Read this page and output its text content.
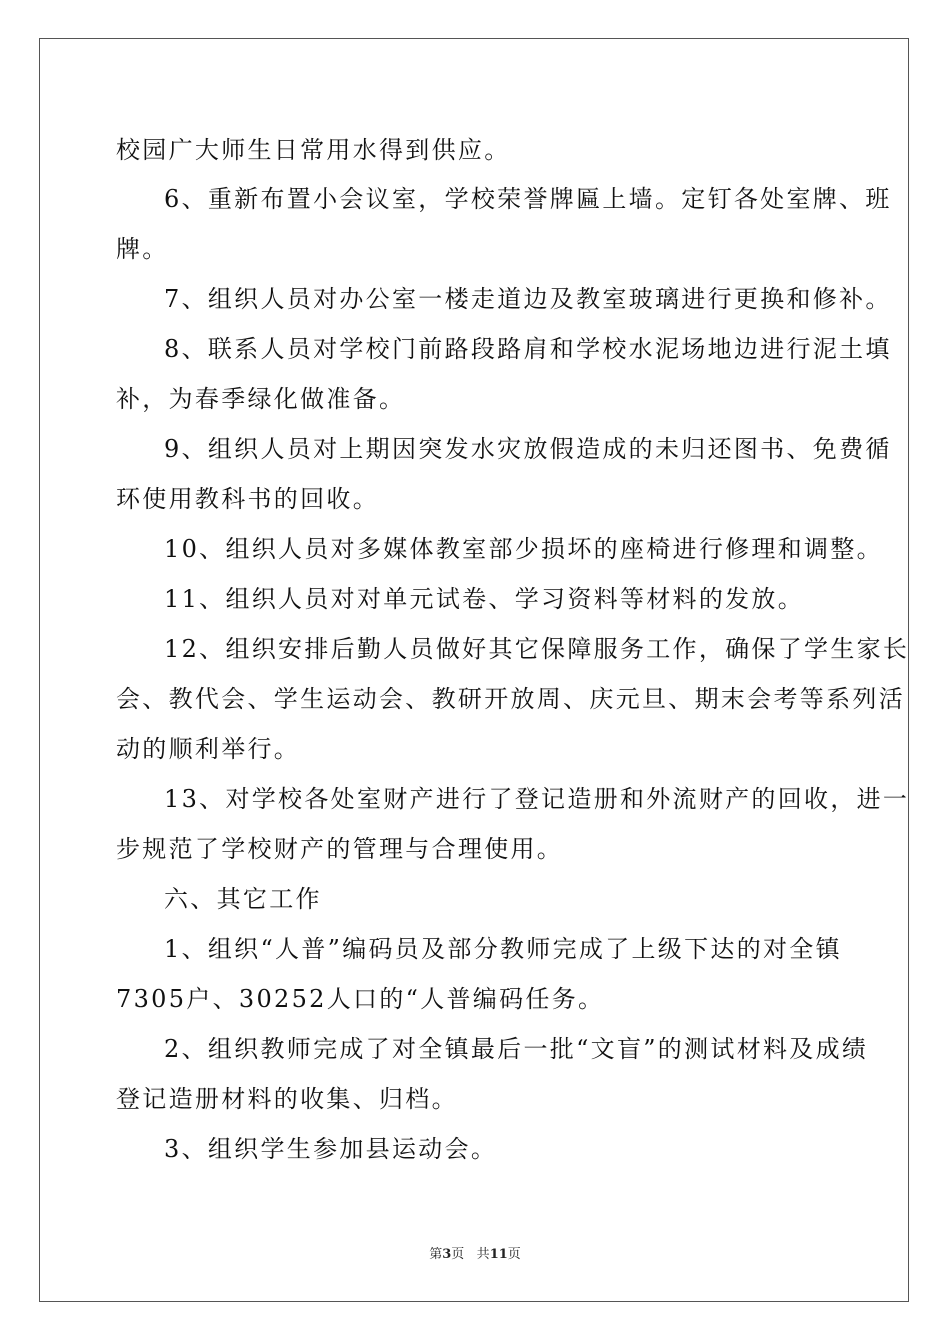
校园广大师生日常用水得到供应。
6、重新布置小会议室，学校荣誉牌匾上墙。定钉各处室牌、班
牌。
7、组织人员对办公室一楼走道边及教室玻璃进行更换和修补。
8、联系人员对学校门前路段路肩和学校水泥场地边进行泥土填
补，为春季绿化做准备。
9、组织人员对上期因突发水灾放假造成的未归还图书、免费循
环使用教科书的回收。
10、组织人员对多媒体教室部少损坏的座椅进行修理和调整。
11、组织人员对对单元试卷、学习资料等材料的发放。
12、组织安排后勤人员做好其它保障服务工作，确保了学生家长
会、教代会、学生运动会、教研开放周、庆元旦、期末会考等系列活
动的顺利举行。
13、对学校各处室财产进行了登记造册和外流财产的回收，进一
步规范了学校财产的管理与合理使用。
六、其它工作
1、组织“人普”编码员及部分教师完成了上级下达的对全镇
7305户、30252人口的“人普编码任务。
2、组织教师完成了对全镇最后一批“文盲”的测试材料及成绩
登记造册材料的收集、归档。
3、组织学生参加县运动会。
第3页 共11页
